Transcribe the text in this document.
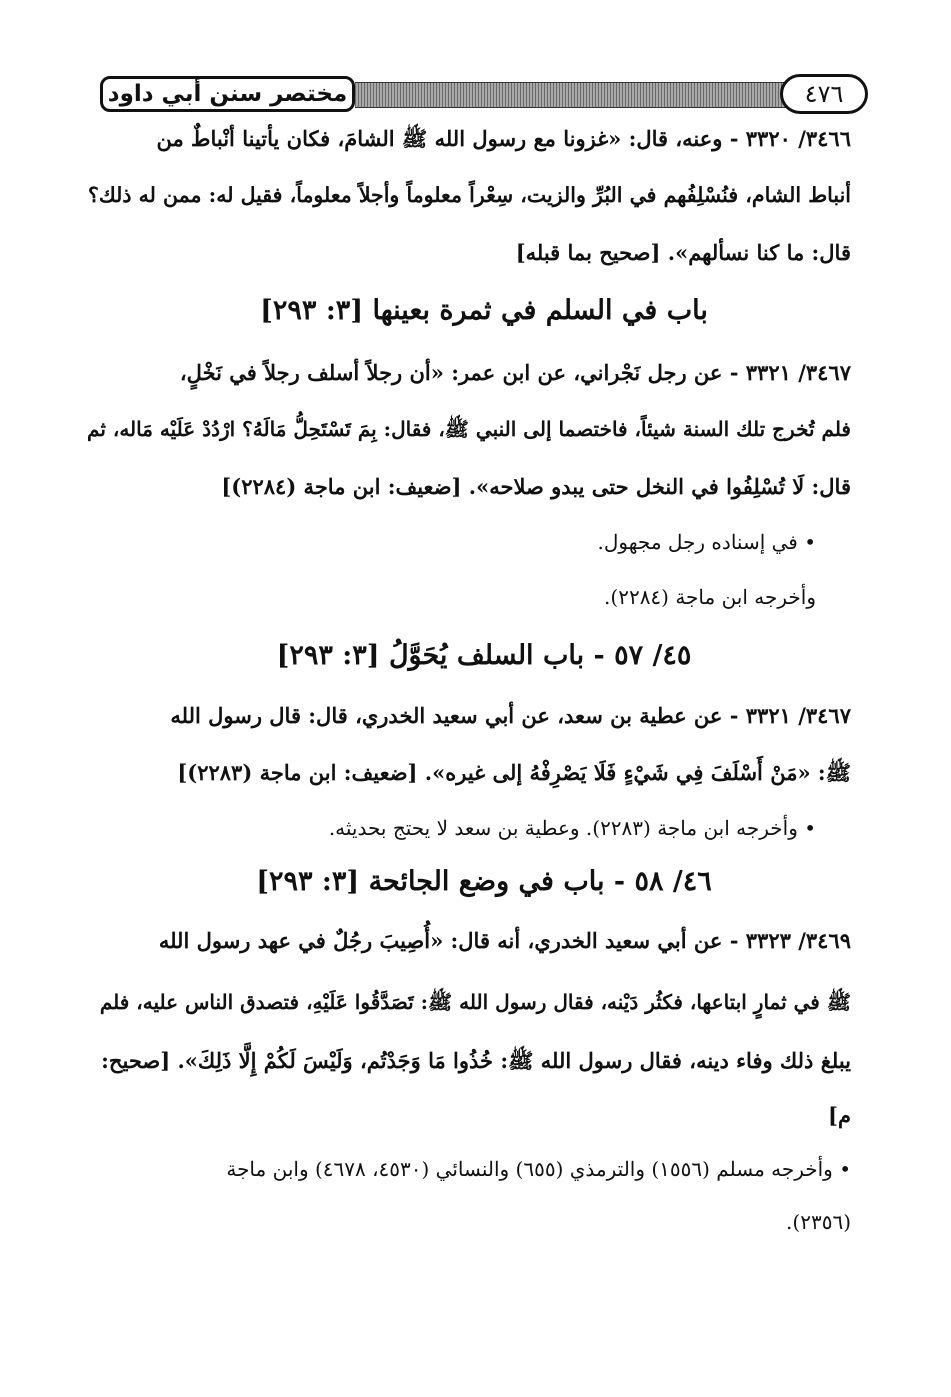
مختصر سنن أبي داود	٤٧٦
٣٤٦٦/ ٣٣٢٠ - وعنه، قال: «غزونا مع رسول الله ﷺ الشامَ، فكان يأتينا أنْباطٌ من
أنباط الشام، فنُسْلِفُهم في البُرِّ والزيت، سِعْراً معلوماً وأجلاً معلوماً، فقيل له: ممن له ذلك؟
قال: ما كنا نسألهم». [صحيح بما قبله]
باب في السلم في ثمرة بعينها [٣: ٢٩٣]
٣٤٦٧/ ٣٣٢١ - عن رجل نَجْراني، عن ابن عمر: «أن رجلاً أسلف رجلاً في نَخْلٍ،
فلم تُخرج تلك السنة شيئاً، فاختصما إلى النبي ﷺ، فقال: بِمَ تَسْتَحِلُّ مَالَهُ؟ ارْدُدْ عَلَيْه مَاله، ثم
قال: لَا تُسْلِفُوا في النخل حتى يبدو صلاحه». [ضعيف: ابن ماجة (٢٢٨٤)]
• في إسناده رجل مجهول.
وأخرجه ابن ماجة (٢٢٨٤).
٤٥/ ٥٧ - باب السلف يُحَوَّلُ [٣: ٢٩٣]
٣٤٦٧/ ٣٣٢١ - عن عطية بن سعد، عن أبي سعيد الخدري، قال: قال رسول الله
ﷺ: «مَنْ أَسْلَفَ فِي شَيْءٍ فَلَا يَصْرِفْهُ إلى غيره». [ضعيف: ابن ماجة (٢٢٨٣)]
• وأخرجه ابن ماجة (٢٢٨٣). وعطية بن سعد لا يحتج بحديثه.
٤٦/ ٥٨ - باب في وضع الجائحة [٣: ٢٩٣]
٣٤٦٩/ ٣٣٢٣ - عن أبي سعيد الخدري، أنه قال: «أُصِيبَ رجُلٌ في عهد رسول الله
ﷺ في ثمارٍ ابتاعها، فكثُر دَيْنه، فقال رسول الله ﷺ: تَصَدَّقُوا عَلَيْهِ، فتصدق الناس عليه، فلم
يبلغ ذلك وفاء دينه، فقال رسول الله ﷺ: خُذُوا مَا وَجَدْتُم، وَلَيْسَ لَكُمْ إِلَّا ذَلِكَ». [صحيح:
م]
• وأخرجه مسلم (١٥٥٦) والترمذي (٦٥٥) والنسائي (٤٥٣٠، ٤٦٧٨) وابن ماجة
(٢٣٥٦).
